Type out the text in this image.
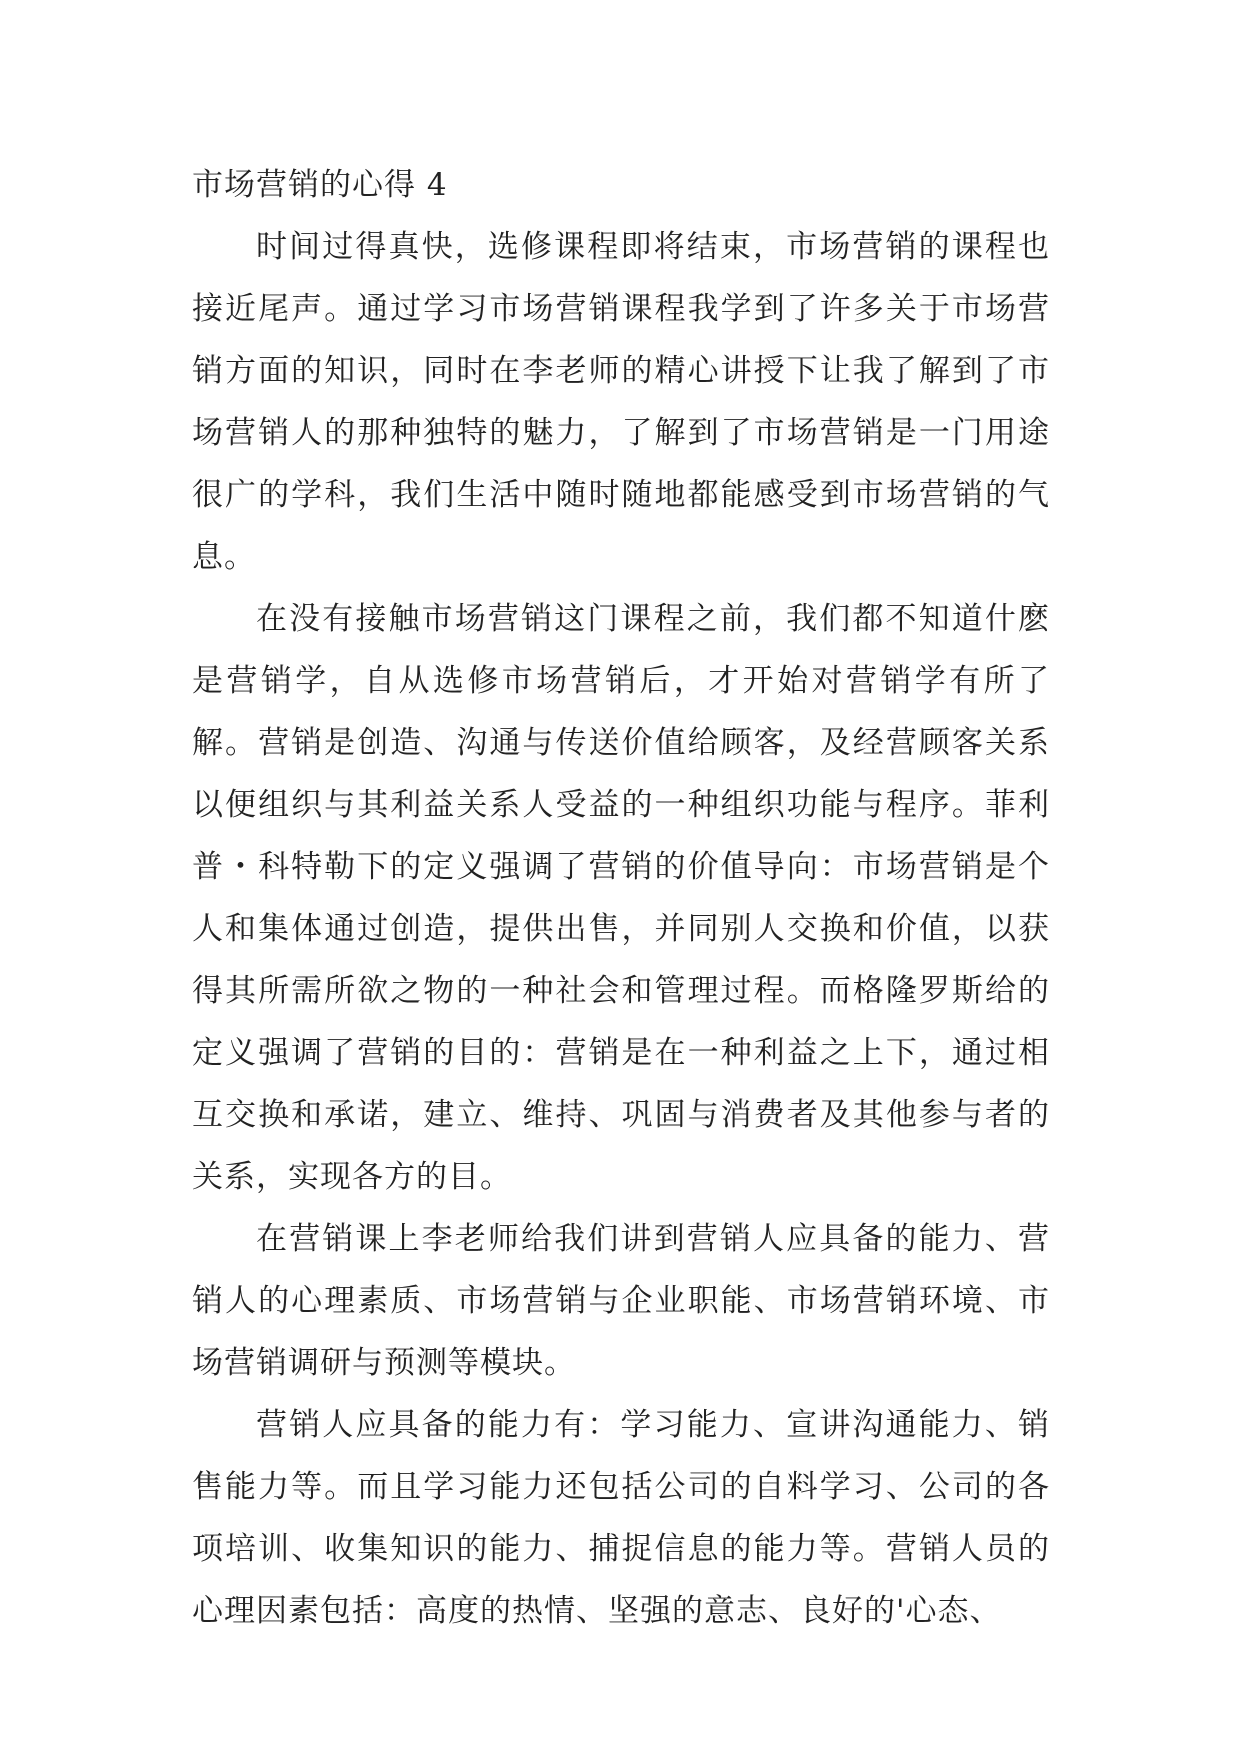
市场营销的心得 4

时间过得真快，选修课程即将结束，市场营销的课程也接近尾声。通过学习市场营销课程我学到了许多关于市场营销方面的知识，同时在李老师的精心讲授下让我了解到了市场营销人的那种独特的魅力，了解到了市场营销是一门用途很广的学科，我们生活中随时随地都能感受到市场营销的气息。

在没有接触市场营销这门课程之前，我们都不知道什麽是营销学，自从选修市场营销后，才开始对营销学有所了解。营销是创造、沟通与传送价值给顾客，及经营顾客关系以便组织与其利益关系人受益的一种组织功能与程序。菲利普・科特勒下的定义强调了营销的价值导向：市场营销是个人和集体通过创造，提供出售，并同别人交换和价值，以获得其所需所欲之物的一种社会和管理过程。而格隆罗斯给的定义强调了营销的目的：营销是在一种利益之上下，通过相互交换和承诺，建立、维持、巩固与消费者及其他参与者的关系，实现各方的目。

在营销课上李老师给我们讲到营销人应具备的能力、营销人的心理素质、市场营销与企业职能、市场营销环境、市场营销调研与预测等模块。

营销人应具备的能力有：学习能力、宣讲沟通能力、销售能力等。而且学习能力还包括公司的自料学习、公司的各项培训、收集知识的能力、捕捉信息的能力等。营销人员的心理因素包括：高度的热情、坚强的意志、良好的'心态、
